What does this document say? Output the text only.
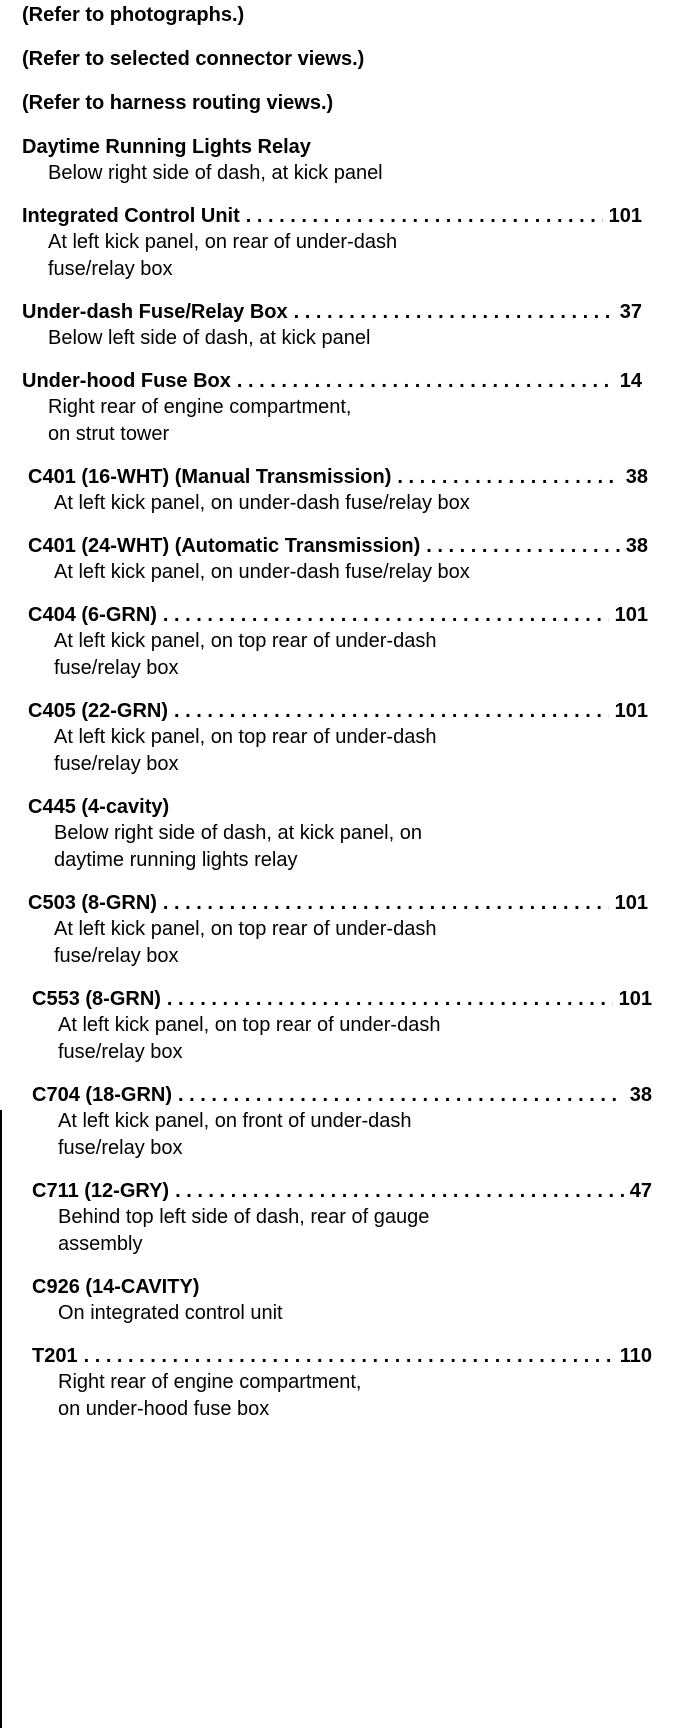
(Refer to photographs.)

(Refer to selected connector views.)

(Refer to harness routing views.)

Daytime Running Lights Relay
Below right side of dash, at kick panel
Integrated Control Unit . . .	101
At left kick panel, on rear of under-dash
fuse/relay box
Under-dash Fuse/Relay Box . . .	37
Below left side of dash, at kick panel
Under-hood Fuse Box . . .	14
Right rear of engine compartment,
on strut tower
C401 (16-WHT) (Manual Transmission) . . .	38
At left kick panel, on under-dash fuse/relay box
C401 (24-WHT) (Automatic Transmission) . . .	38
At left kick panel, on under-dash fuse/relay box
C404 (6-GRN) . . .	101
At left kick panel, on top rear of under-dash
fuse/relay box
C405 (22-GRN) . . .	101
At left kick panel, on top rear of under-dash
fuse/relay box
C445 (4-cavity)
Below right side of dash, at kick panel, on
daytime running lights relay
C503 (8-GRN) . . .	101
At left kick panel, on top rear of under-dash
fuse/relay box
C553 (8-GRN) . . .	101
At left kick panel, on top rear of under-dash
fuse/relay box
C704 (18-GRN) . . .	38
At left kick panel, on front of under-dash
fuse/relay box
C711 (12-GRY) . . .	47
Behind top left side of dash, rear of gauge
assembly
C926 (14-CAVITY)
On integrated control unit
T201 . . .	110
Right rear of engine compartment,
on under-hood fuse box
